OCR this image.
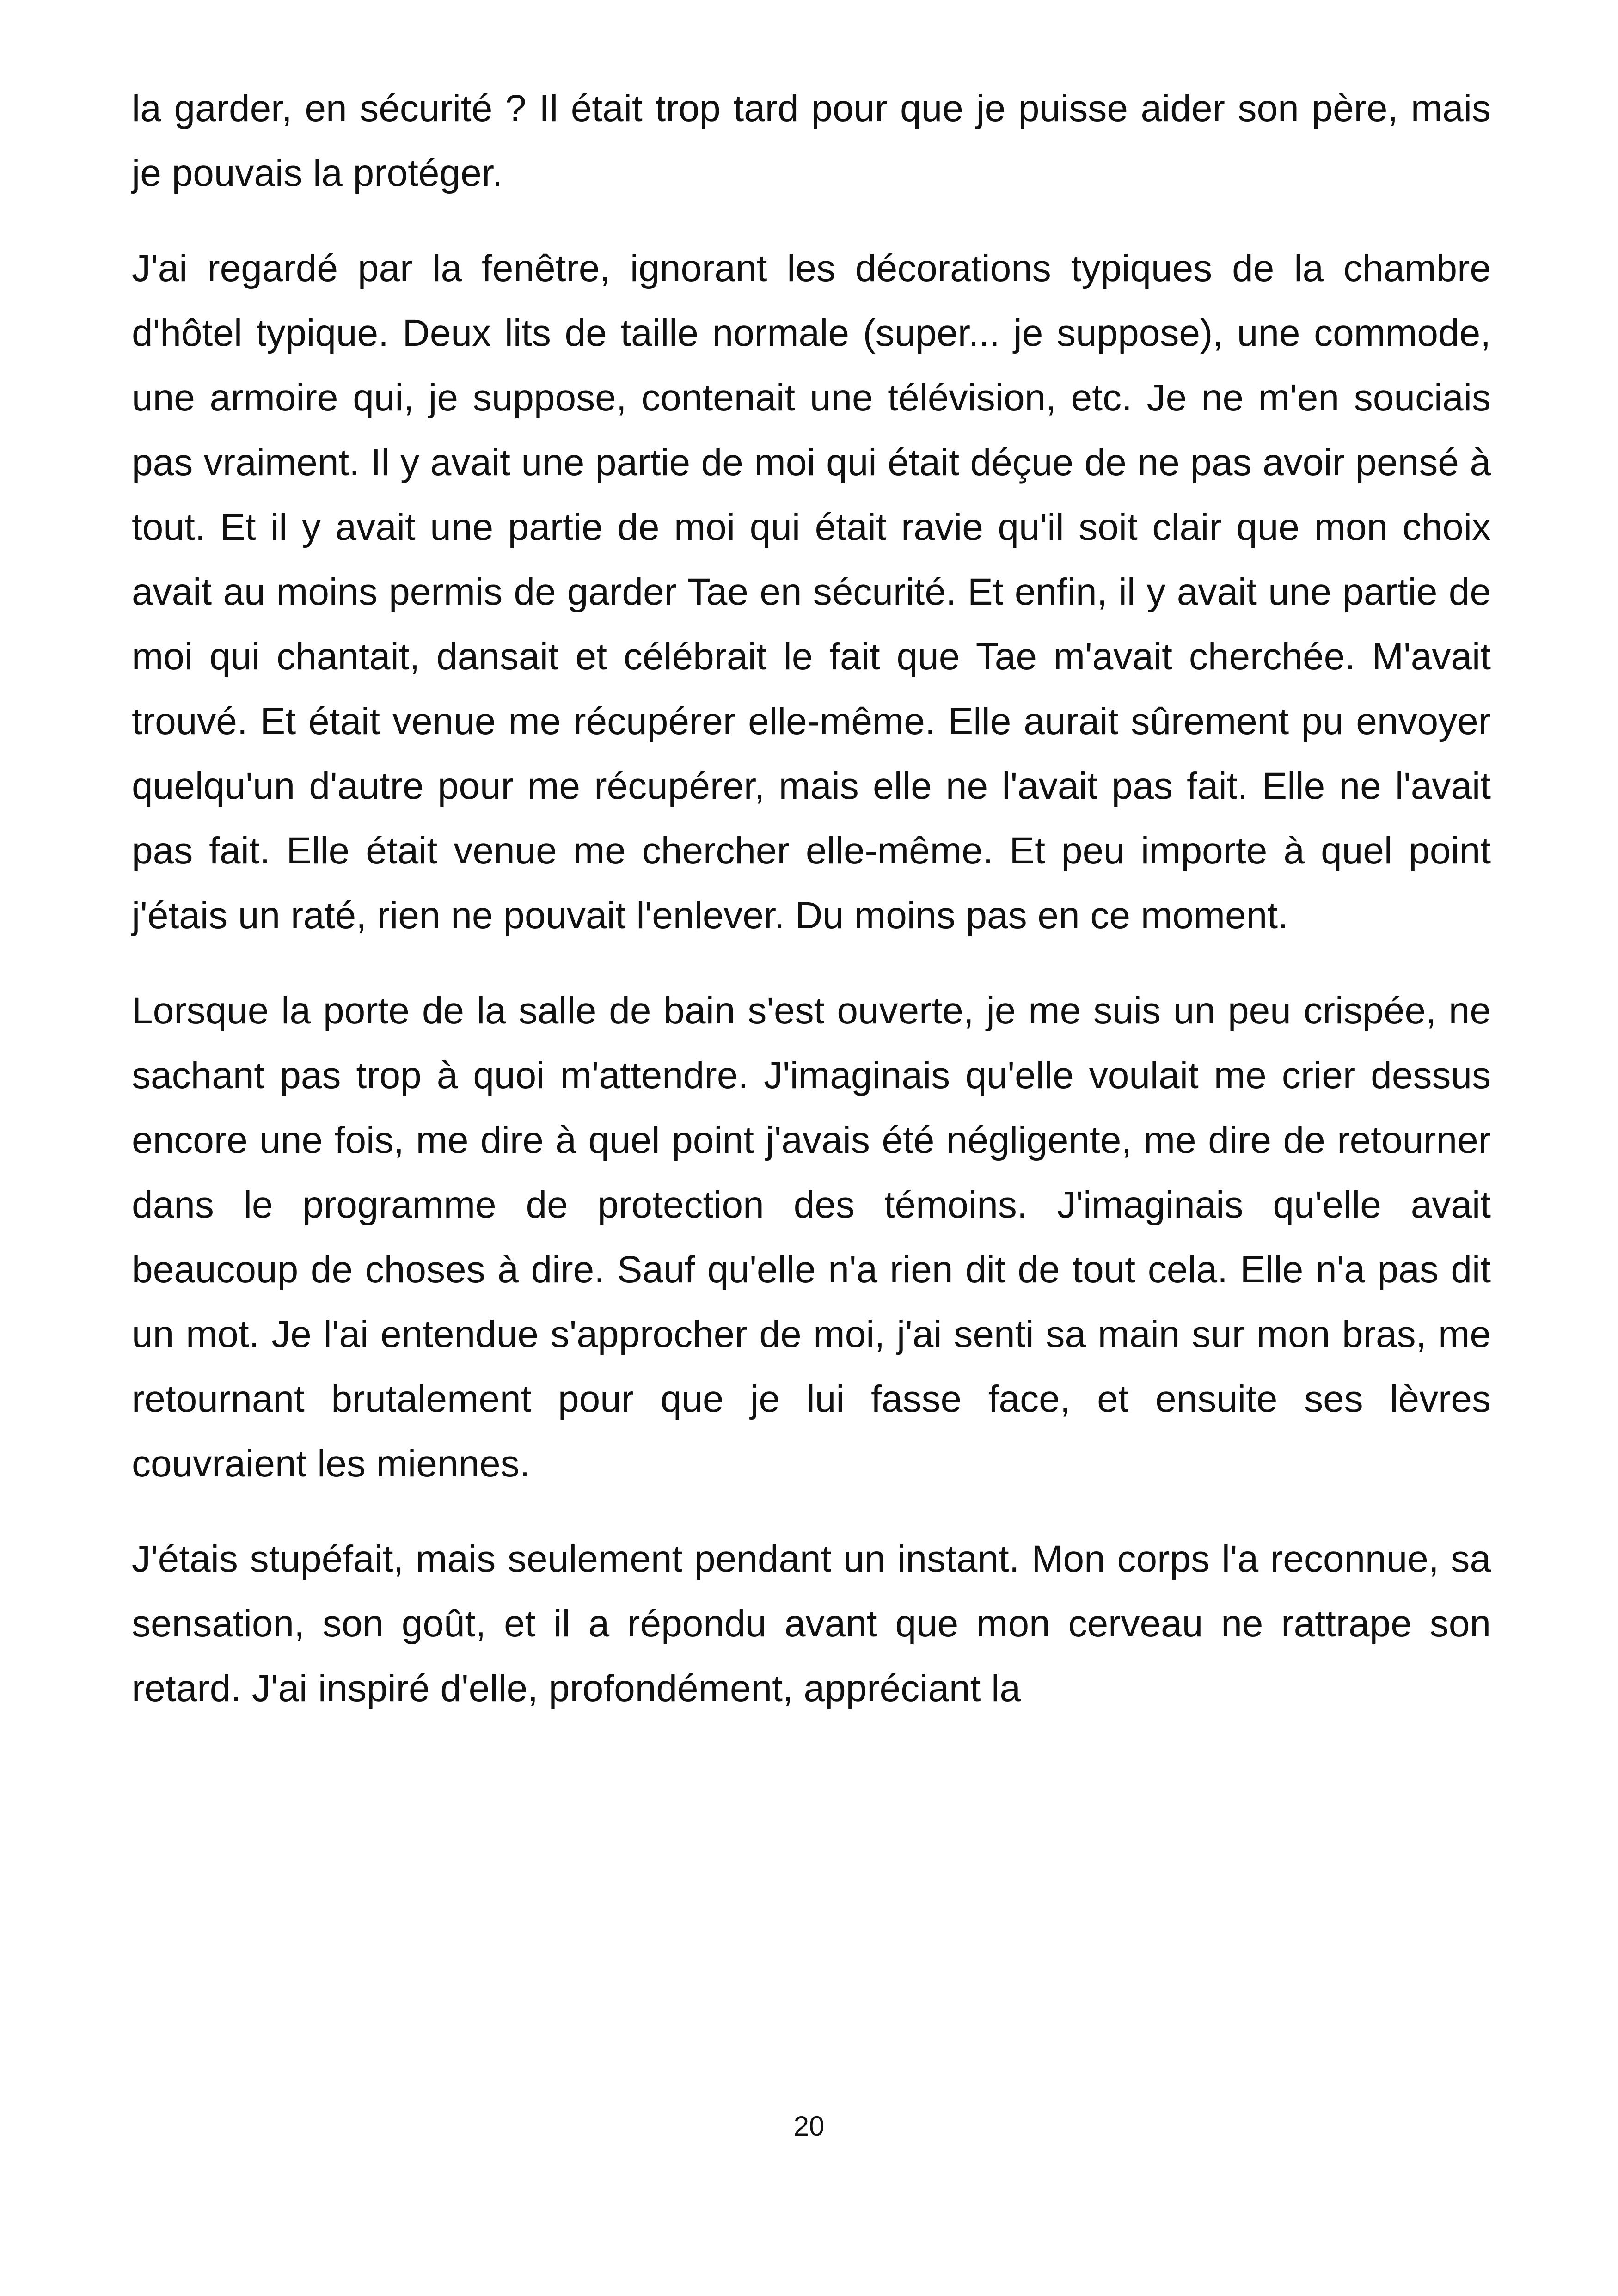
la garder, en sécurité ? Il était trop tard pour que je puisse aider son père, mais je pouvais la protéger.

J'ai regardé par la fenêtre, ignorant les décorations typiques de la chambre d'hôtel typique. Deux lits de taille normale (super... je suppose), une commode, une armoire qui, je suppose, contenait une télévision, etc. Je ne m'en souciais pas vraiment. Il y avait une partie de moi qui était déçue de ne pas avoir pensé à tout. Et il y avait une partie de moi qui était ravie qu'il soit clair que mon choix avait au moins permis de garder Tae en sécurité. Et enfin, il y avait une partie de moi qui chantait, dansait et célébrait le fait que Tae m'avait cherchée. M'avait trouvé. Et était venue me récupérer elle-même. Elle aurait sûrement pu envoyer quelqu'un d'autre pour me récupérer, mais elle ne l'avait pas fait. Elle ne l'avait pas fait. Elle était venue me chercher elle-même. Et peu importe à quel point j'étais un raté, rien ne pouvait l'enlever. Du moins pas en ce moment.

Lorsque la porte de la salle de bain s'est ouverte, je me suis un peu crispée, ne sachant pas trop à quoi m'attendre. J'imaginais qu'elle voulait me crier dessus encore une fois, me dire à quel point j'avais été négligente, me dire de retourner dans le programme de protection des témoins. J'imaginais qu'elle avait beaucoup de choses à dire. Sauf qu'elle n'a rien dit de tout cela. Elle n'a pas dit un mot. Je l'ai entendue s'approcher de moi, j'ai senti sa main sur mon bras, me retournant brutalement pour que je lui fasse face, et ensuite ses lèvres couvraient les miennes.

J'étais stupéfait, mais seulement pendant un instant. Mon corps l'a reconnue, sa sensation, son goût, et il a répondu avant que mon cerveau ne rattrape son retard. J'ai inspiré d'elle, profondément, appréciant la

20
